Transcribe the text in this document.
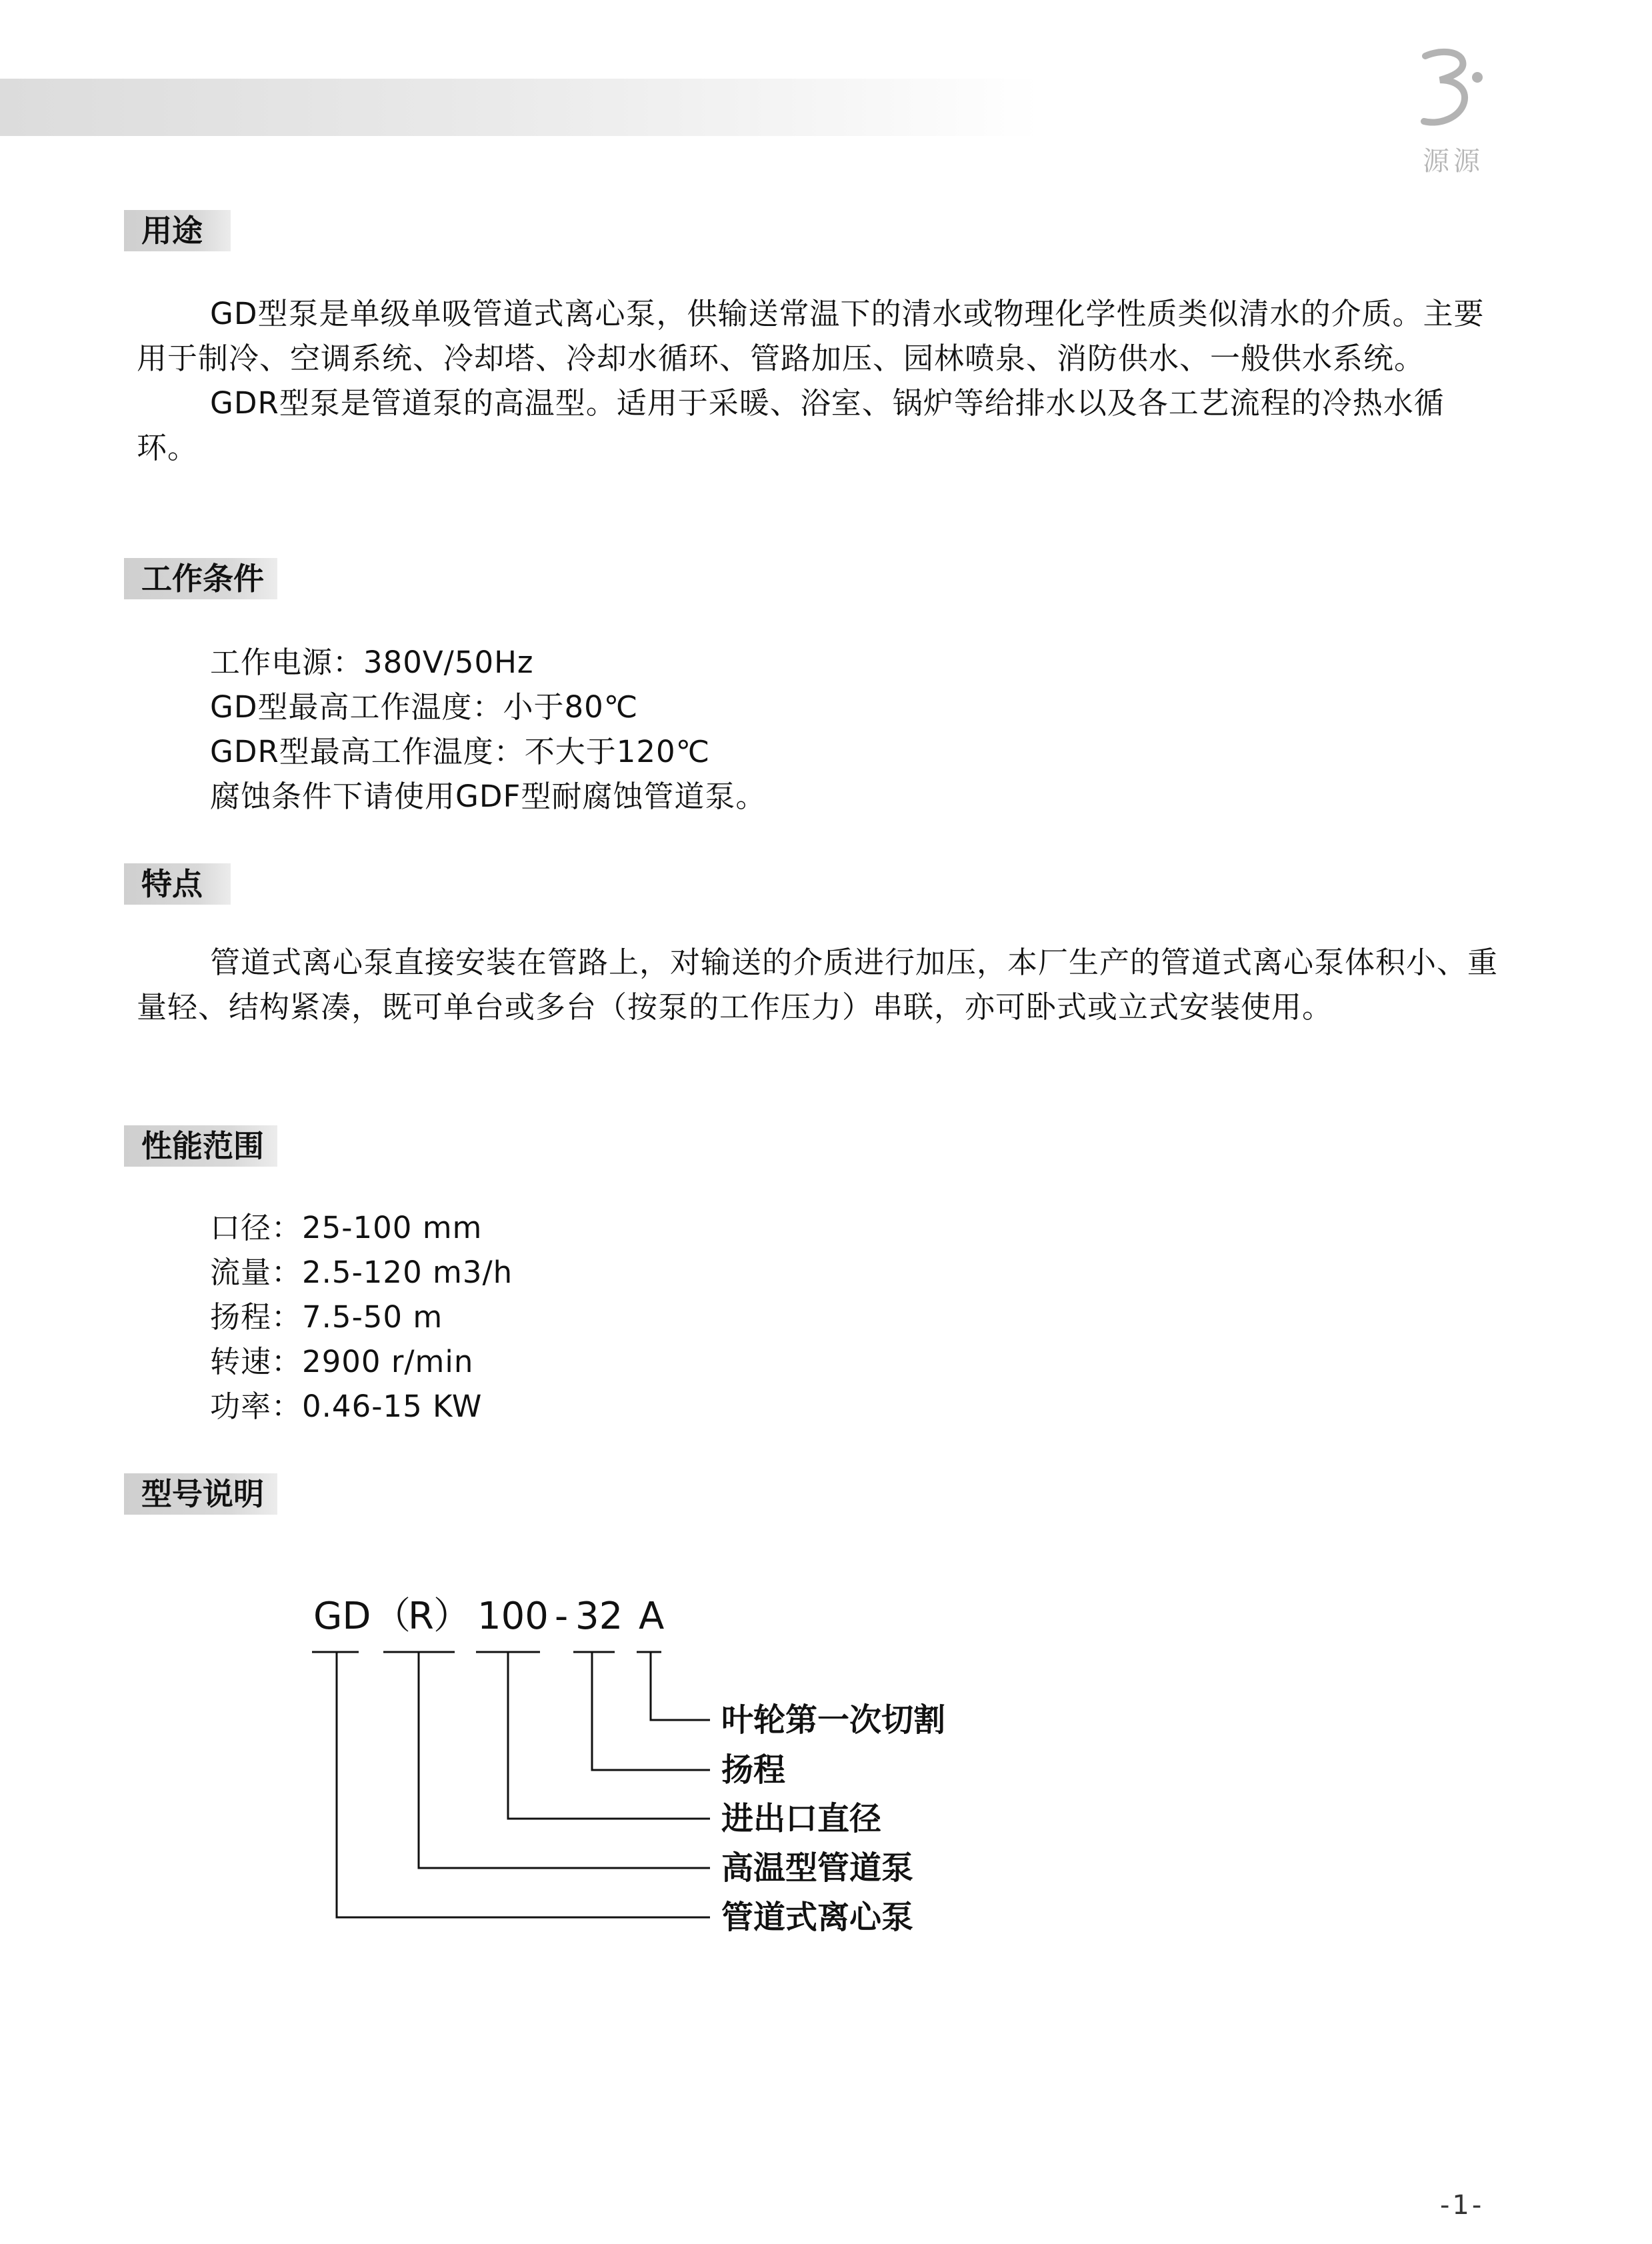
源源
用途

GD型泵是单级单吸管道式离心泵，供输送常温下的清水或物理化学性质类似清水的介质。主要用于制冷、空调系统、冷却塔、冷却水循环、管路加压、园林喷泉、消防供水、一般供水系统。

GDR型泵是管道泵的高温型。适用于采暖、浴室、锅炉等给排水以及各工艺流程的冷热水循环。

工作条件
工作电源：380V/50Hz
GD型最高工作温度：小于80℃
GDR型最高工作温度：不大于120℃
腐蚀条件下请使用GDF型耐腐蚀管道泵。
特点

管道式离心泵直接安装在管路上，对输送的介质进行加压，本厂生产的管道式离心泵体积小、重量轻、结构紧凑，既可单台或多台（按泵的工作压力）串联，亦可卧式或立式安装使用。

性能范围
口径：25-100 mm
流量：2.5-120 m3/h
扬程：7.5-50 m
转速：2900 r/min
功率：0.46-15 KW
型号说明
GD （
R ） 100 - 32 A
叶轮第一次切割
扬程
进出口直径
高温型管道泵
管道式离心泵
-1-
